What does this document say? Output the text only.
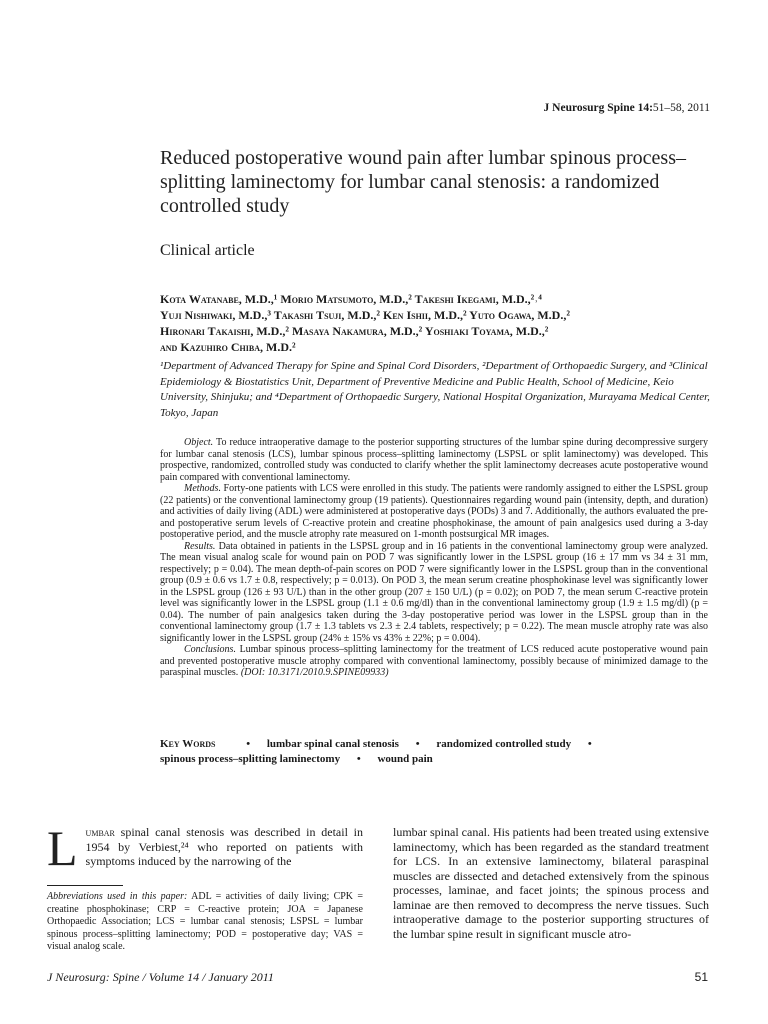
J Neurosurg Spine 14:51–58, 2011
Reduced postoperative wound pain after lumbar spinous process–splitting laminectomy for lumbar canal stenosis: a randomized controlled study
Clinical article
Kota Watanabe, M.D.,¹ Morio Matsumoto, M.D.,² Takeshi Ikegami, M.D.,²˒⁴
Yuji Nishiwaki, M.D.,³ Takashi Tsuji, M.D.,² Ken Ishii, M.D.,² Yuto Ogawa, M.D.,²
Hironari Takaishi, M.D.,² Masaya Nakamura, M.D.,² Yoshiaki Toyama, M.D.,²
and Kazuhiro Chiba, M.D.²
¹Department of Advanced Therapy for Spine and Spinal Cord Disorders, ²Department of Orthopaedic Surgery, and ³Clinical Epidemiology & Biostatistics Unit, Department of Preventive Medicine and Public Health, School of Medicine, Keio University, Shinjuku; and ⁴Department of Orthopaedic Surgery, National Hospital Organization, Murayama Medical Center, Tokyo, Japan

Object. To reduce intraoperative damage to the posterior supporting structures of the lumbar spine during decompressive surgery for lumbar canal stenosis (LCS), lumbar spinous process–splitting laminectomy (LSPSL or split laminectomy) was developed. This prospective, randomized, controlled study was conducted to clarify whether the split laminectomy decreases acute postoperative wound pain compared with conventional laminectomy.

Methods. Forty-one patients with LCS were enrolled in this study. The patients were randomly assigned to either the LSPSL group (22 patients) or the conventional laminectomy group (19 patients). Questionnaires regarding wound pain (intensity, depth, and duration) and activities of daily living (ADL) were administered at postoperative days (PODs) 3 and 7. Additionally, the authors evaluated the pre- and postoperative serum levels of C-reactive protein and creatine phosphokinase, the amount of pain analgesics used during a 3-day postoperative period, and the muscle atrophy rate measured on 1-month postsurgical MR images.

Results. Data obtained in patients in the LSPSL group and in 16 patients in the conventional laminectomy group were analyzed. The mean visual analog scale for wound pain on POD 7 was significantly lower in the LSPSL group (16 ± 17 mm vs 34 ± 31 mm, respectively; p = 0.04). The mean depth-of-pain scores on POD 7 were significantly lower in the LSPSL group than in the conventional group (0.9 ± 0.6 vs 1.7 ± 0.8, respectively; p = 0.013). On POD 3, the mean serum creatine phosphokinase level was significantly lower in the LSPSL group (126 ± 93 U/L) than in the other group (207 ± 150 U/L) (p = 0.02); on POD 7, the mean serum C-reactive protein level was significantly lower in the LSPSL group (1.1 ± 0.6 mg/dl) than in the conventional laminectomy group (1.9 ± 1.5 mg/dl) (p = 0.04). The number of pain analgesics taken during the 3-day postoperative period was lower in the LSPSL group than in the conventional laminectomy group (1.7 ± 1.3 tablets vs 2.3 ± 2.4 tablets, respectively; p = 0.22). The mean muscle atrophy rate was also significantly lower in the LSPSL group (24% ± 15% vs 43% ± 22%; p = 0.004).

Conclusions. Lumbar spinous process–splitting laminectomy for the treatment of LCS reduced acute postoperative wound pain and prevented postoperative muscle atrophy compared with conventional laminectomy, possibly because of minimized damage to the paraspinal muscles. (DOI: 10.3171/2010.9.SPINE09933)

Key Words	• lumbar spinal canal stenosis • randomized controlled study •
spinous process–splitting laminectomy • wound pain
L umbar spinal canal stenosis was described in detail in 1954 by Verbiest,²⁴ who reported on patients with symptoms induced by the narrowing of the
lumbar spinal canal. His patients had been treated using extensive laminectomy, which has been regarded as the standard treatment for LCS. In an extensive laminectomy, bilateral paraspinal muscles are dissected and detached extensively from the spinous processes, laminae, and facet joints; the spinous process and laminae are then removed to decompress the nerve tissues. Such intraoperative damage to the posterior supporting structures of the lumbar spine result in significant muscle atro-
Abbreviations used in this paper: ADL = activities of daily living; CPK = creatine phosphokinase; CRP = C-reactive protein; JOA = Japanese Orthopaedic Association; LCS = lumbar canal stenosis; LSPSL = lumbar spinous process–splitting laminectomy; POD = postoperative day; VAS = visual analog scale.
J Neurosurg: Spine / Volume 14 / January 2011	51
